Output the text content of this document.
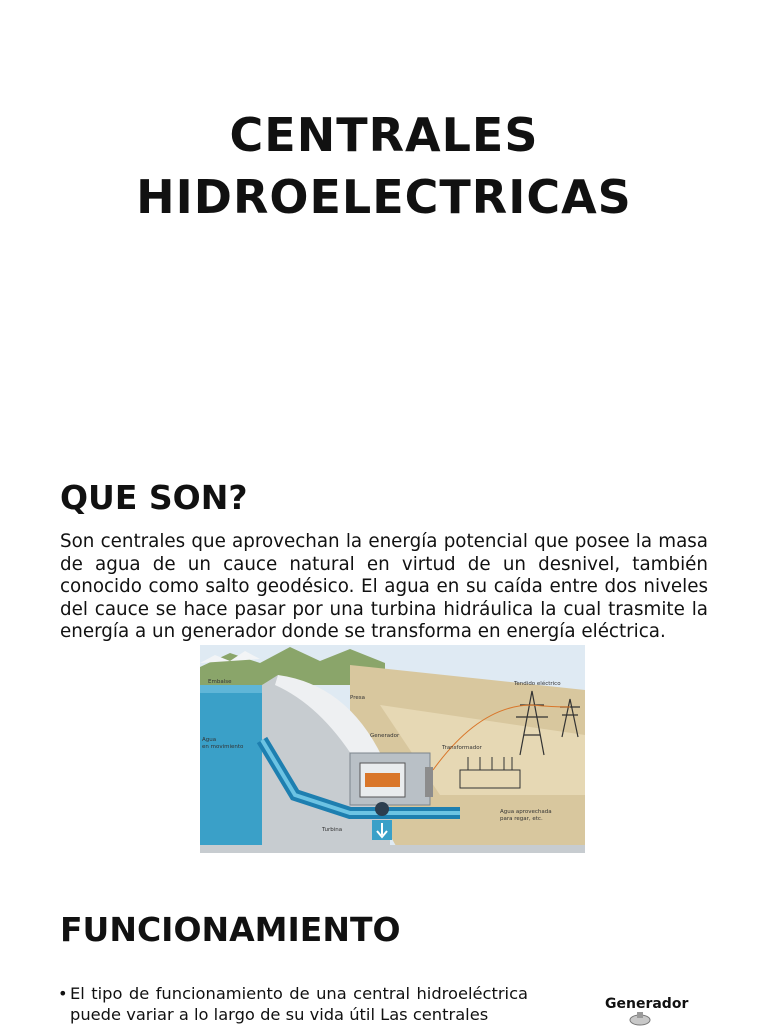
CENTRALES
HIDROELECTRICAS
QUE SON?

Son centrales que aprovechan la energía potencial que posee la masa de agua de un cauce natural en virtud de un desnivel, también conocido como salto geodésico. El agua en su caída entre dos niveles del cauce se hace pasar por una turbina hidráulica la cual trasmite la energía a un generador donde se transforma en energía eléctrica.

Embalse
Presa
Generador
Tendido eléctrico
Transformador
Agua
en movimiento
Agua aprovechada
para regar, etc.
Turbina
FUNCIONAMIENTO
• El tipo de funcionamiento de una central hidroeléctrica puede variar a lo largo de su vida útil Las centrales
Generador
